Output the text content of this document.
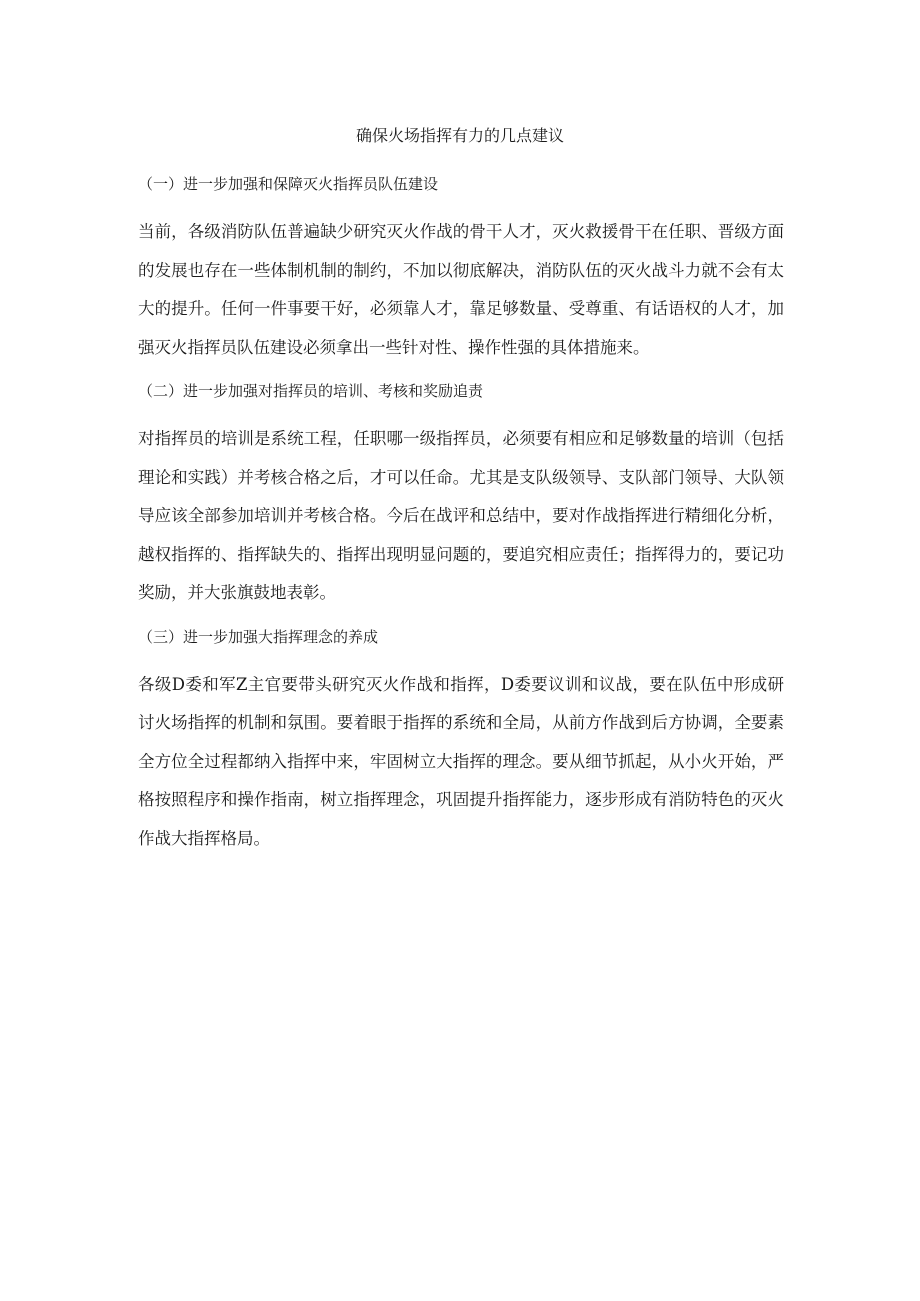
确保火场指挥有力的几点建议
（一）进一步加强和保障灭火指挥员队伍建设
当前，各级消防队伍普遍缺少研究灭火作战的骨干人才，灭火救援骨干在任职、晋级方面的发展也存在一些体制机制的制约，不加以彻底解决，消防队伍的灭火战斗力就不会有太大的提升。任何一件事要干好，必须靠人才，靠足够数量、受尊重、有话语权的人才，加强灭火指挥员队伍建设必须拿出一些针对性、操作性强的具体措施来。
（二）进一步加强对指挥员的培训、考核和奖励追责
对指挥员的培训是系统工程，任职哪一级指挥员，必须要有相应和足够数量的培训（包括理论和实践）并考核合格之后，才可以任命。尤其是支队级领导、支队部门领导、大队领导应该全部参加培训并考核合格。今后在战评和总结中，要对作战指挥进行精细化分析，越权指挥的、指挥缺失的、指挥出现明显问题的，要追究相应责任；指挥得力的，要记功奖励，并大张旗鼓地表彰。
（三）进一步加强大指挥理念的养成
各级D委和军Z主官要带头研究灭火作战和指挥，D委要议训和议战，要在队伍中形成研讨火场指挥的机制和氛围。要着眼于指挥的系统和全局，从前方作战到后方协调，全要素全方位全过程都纳入指挥中来，牢固树立大指挥的理念。要从细节抓起，从小火开始，严格按照程序和操作指南，树立指挥理念，巩固提升指挥能力，逐步形成有消防特色的灭火作战大指挥格局。
